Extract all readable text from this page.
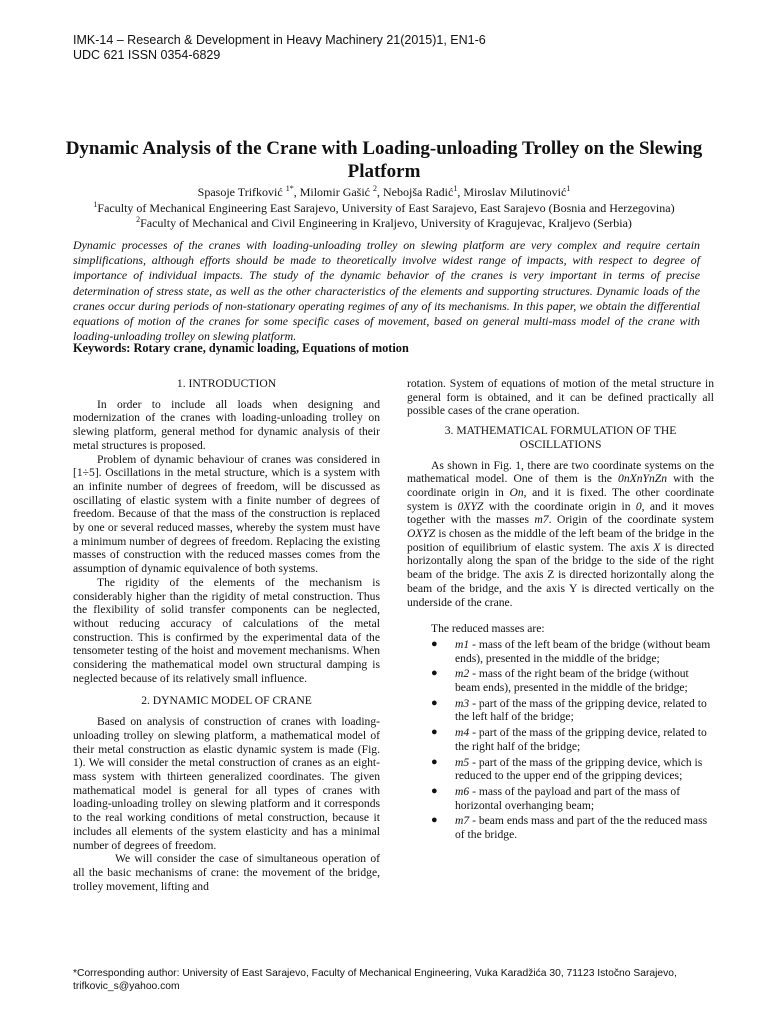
IMK-14 – Research & Development in Heavy Machinery 21(2015)1, EN1-6
UDC 621 ISSN 0354-6829
Dynamic Analysis of the Crane with Loading-unloading Trolley on the Slewing Platform
Spasoje Trifković $^{1*}$, Milomir Gašić $^2$, Nebojša Radić$^1$, Miroslav Milutinović$^1$
$^1$Faculty of Mechanical Engineering East Sarajevo, University of East Sarajevo, East Sarajevo (Bosnia and Herzegovina)
$^2$Faculty of Mechanical and Civil Engineering in Kraljevo, University of Kragujevac, Kraljevo (Serbia)
Dynamic processes of the cranes with loading-unloading trolley on slewing platform are very complex and require certain simplifications, although efforts should be made to theoretically involve widest range of impacts, with respect to degree of importance of individual impacts. The study of the dynamic behavior of the cranes is very important in terms of precise determination of stress state, as well as the other characteristics of the elements and supporting structures. Dynamic loads of the cranes occur during periods of non-stationary operating regimes of any of its mechanisms. In this paper, we obtain the differential equations of motion of the cranes for some specific cases of movement, based on general multi-mass model of the crane with loading-unloading trolley on slewing platform.
Keywords: Rotary crane, dynamic loading, Equations of motion
1. INTRODUCTION

In order to include all loads when designing and modernization of the cranes with loading-unloading trolley on slewing platform, general method for dynamic analysis of their metal structures is proposed.

Problem of dynamic behaviour of cranes was considered in [1÷5]. Oscillations in the metal structure, which is a system with an infinite number of degrees of freedom, will be discussed as oscillating of elastic system with a finite number of degrees of freedom. Because of that the mass of the construction is replaced by one or several reduced masses, whereby the system must have a minimum number of degrees of freedom. Replacing the existing masses of construction with the reduced masses comes from the assumption of dynamic equivalence of both systems.

The rigidity of the elements of the mechanism is considerably higher than the rigidity of metal construction. Thus the flexibility of solid transfer components can be neglected, without reducing accuracy of calculations of the metal construction. This is confirmed by the experimental data of the tensometer testing of the hoist and movement mechanisms. When considering the mathematical model own structural damping is neglected because of its relatively small influence.

2. DYNAMIC MODEL OF CRANE

Based on analysis of construction of cranes with loading-unloading trolley on slewing platform, a mathematical model of their metal construction as elastic dynamic system is made (Fig. 1). We will consider the metal construction of cranes as an eight-mass system with thirteen generalized coordinates. The given mathematical model is general for all types of cranes with loading-unloading trolley on slewing platform and it corresponds to the real working conditions of metal construction, because it includes all elements of the system elasticity and has a minimal number of degrees of freedom.

We will consider the case of simultaneous operation of all the basic mechanisms of crane: the movement of the bridge, trolley movement, lifting and

rotation. System of equations of motion of the metal structure in general form is obtained, and it can be defined practically all possible cases of the crane operation.

3. MATHEMATICAL FORMULATION OF THE OSCILLATIONS

As shown in Fig. 1, there are two coordinate systems on the mathematical model. One of them is the 0nXnYnZn with the coordinate origin in On, and it is fixed. The other coordinate system is 0XYZ with the coordinate origin in 0, and it moves together with the masses m7. Origin of the coordinate system OXYZ is chosen as the middle of the left beam of the bridge in the position of equilibrium of elastic system. The axis X is directed horizontally along the span of the bridge to the side of the right beam of the bridge. The axis Z is directed horizontally along the beam of the bridge, and the axis Y is directed vertically on the underside of the crane.

The reduced masses are:

● m1 - mass of the left beam of the bridge (without beam ends), presented in the middle of the bridge;
● m2 - mass of the right beam of the bridge (without beam ends), presented in the middle of the bridge;
● m3 - part of the mass of the gripping device, related to the left half of the bridge;
● m4 - part of the mass of the gripping device, related to the right half of the bridge;
● m5 - part of the mass of the gripping device, which is reduced to the upper end of the gripping devices;
● m6 - mass of the payload and part of the mass of horizontal overhanging beam;
● m7 - beam ends mass and part of the the reduced mass of the bridge.
*Corresponding author: University of East Sarajevo, Faculty of Mechanical Engineering, Vuka Karadžića 30, 71123 Istočno Sarajevo, trifkovic_s@yahoo.com
